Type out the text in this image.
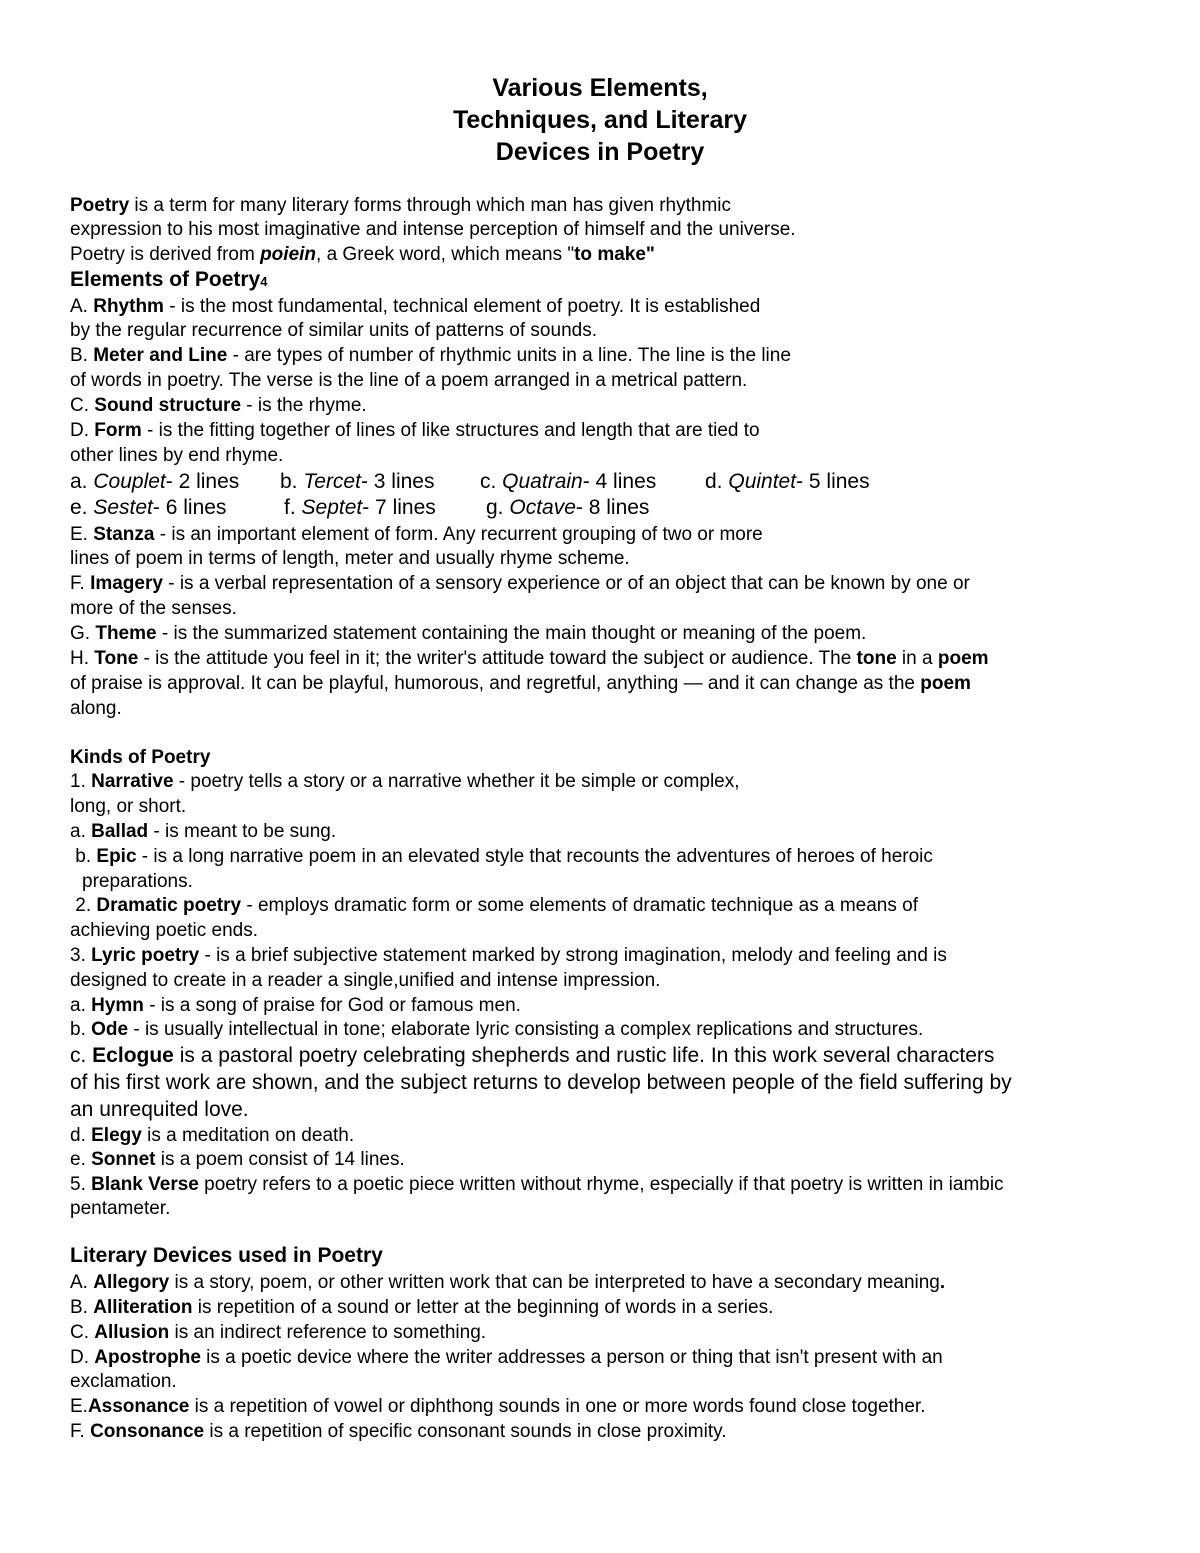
Various Elements,
Techniques, and Literary
Devices in Poetry
Poetry is a term for many literary forms through which man has given rhythmic
expression to his most imaginative and intense perception of himself and the universe.
Poetry is derived from poiein, a Greek word, which means "to make"
Elements of Poetry4
A. Rhythm - is the most fundamental, technical element of poetry. It is established
by the regular recurrence of similar units of patterns of sounds.
B. Meter and Line - are types of number of rhythmic units in a line. The line is the line
of words in poetry. The verse is the line of a poem arranged in a metrical pattern.
C. Sound structure - is the rhyme.
D. Form - is the fitting together of lines of like structures and length that are tied to
other lines by end rhyme.
a. Couplet- 2 lines b. Tercet- 3 lines c. Quatrain- 4 lines d. Quintet- 5 lines
e. Sestet- 6 lines	f. Septet- 7 lines g. Octave- 8 lines
E. Stanza - is an important element of form. Any recurrent grouping of two or more
lines of poem in terms of length, meter and usually rhyme scheme.
F. Imagery - is a verbal representation of a sensory experience or of an object that can be known by one or
more of the senses.
G. Theme - is the summarized statement containing the main thought or meaning of the poem.
H. Tone - is the attitude you feel in it; the writer's attitude toward the subject or audience. The tone in a poem
of praise is approval. It can be playful, humorous, and regretful, anything — and it can change as the poem
along.
Kinds of Poetry
1. Narrative - poetry tells a story or a narrative whether it be simple or complex,
long, or short.
a. Ballad - is meant to be sung.
b. Epic - is a long narrative poem in an elevated style that recounts the adventures of heroes of heroic
preparations.
2. Dramatic poetry - employs dramatic form or some elements of dramatic technique as a means of
achieving poetic ends.
3. Lyric poetry - is a brief subjective statement marked by strong imagination, melody and feeling and is
designed to create in a reader a single,unified and intense impression.
a. Hymn - is a song of praise for God or famous men.
b. Ode - is usually intellectual in tone; elaborate lyric consisting a complex replications and structures.
c. Eclogue is a pastoral poetry celebrating shepherds and rustic life. In this work several characters
of his first work are shown, and the subject returns to develop between people of the field suffering by
an unrequited love.
d. Elegy is a meditation on death.
e. Sonnet is a poem consist of 14 lines.
5. Blank Verse poetry refers to a poetic piece written without rhyme, especially if that poetry is written in iambic
pentameter.
Literary Devices used in Poetry
A. Allegory is a story, poem, or other written work that can be interpreted to have a secondary meaning.
B. Alliteration is repetition of a sound or letter at the beginning of words in a series.
C. Allusion is an indirect reference to something.
D. Apostrophe is a poetic device where the writer addresses a person or thing that isn't present with an
exclamation.
E.Assonance is a repetition of vowel or diphthong sounds in one or more words found close together.
F. Consonance is a repetition of specific consonant sounds in close proximity.
